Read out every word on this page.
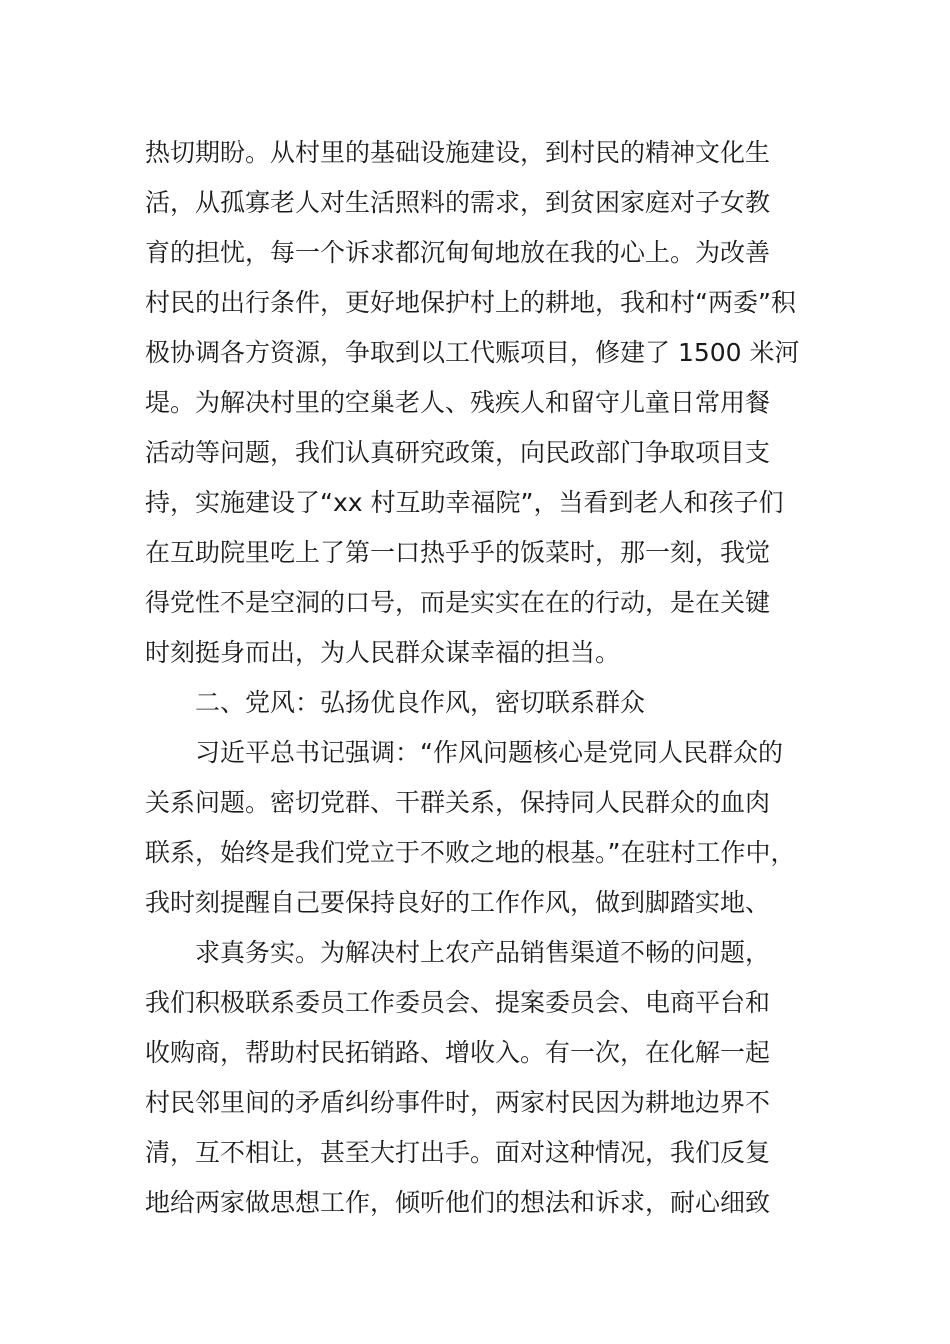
热切期盼。从村里的基础设施建设，到村民的精神文化生
活，从孤寡老人对生活照料的需求，到贫困家庭对子女教
育的担忧，每一个诉求都沉甸甸地放在我的心上。为改善
村民的出行条件，更好地保护村上的耕地，我和村“两委”积
极协调各方资源，争取到以工代赈项目，修建了 1500 米河
堤。为解决村里的空巢老人、残疾人和留守儿童日常用餐
活动等问题，我们认真研究政策，向民政部门争取项目支
持，实施建设了“xx 村互助幸福院”，当看到老人和孩子们
在互助院里吃上了第一口热乎乎的饭菜时，那一刻，我觉
得党性不是空洞的口号，而是实实在在的行动，是在关键
时刻挺身而出，为人民群众谋幸福的担当。
二、党风：弘扬优良作风，密切联系群众
习近平总书记强调：“作风问题核心是党同人民群众的
关系问题。密切党群、干群关系，保持同人民群众的血肉
联系，始终是我们党立于不败之地的根基。”在驻村工作中，
我时刻提醒自己要保持良好的工作作风，做到脚踏实地、
求真务实。为解决村上农产品销售渠道不畅的问题，
我们积极联系委员工作委员会、提案委员会、电商平台和
收购商，帮助村民拓销路、增收入。有一次，在化解一起
村民邻里间的矛盾纠纷事件时，两家村民因为耕地边界不
清，互不相让，甚至大打出手。面对这种情况，我们反复
地给两家做思想工作，倾听他们的想法和诉求，耐心细致
